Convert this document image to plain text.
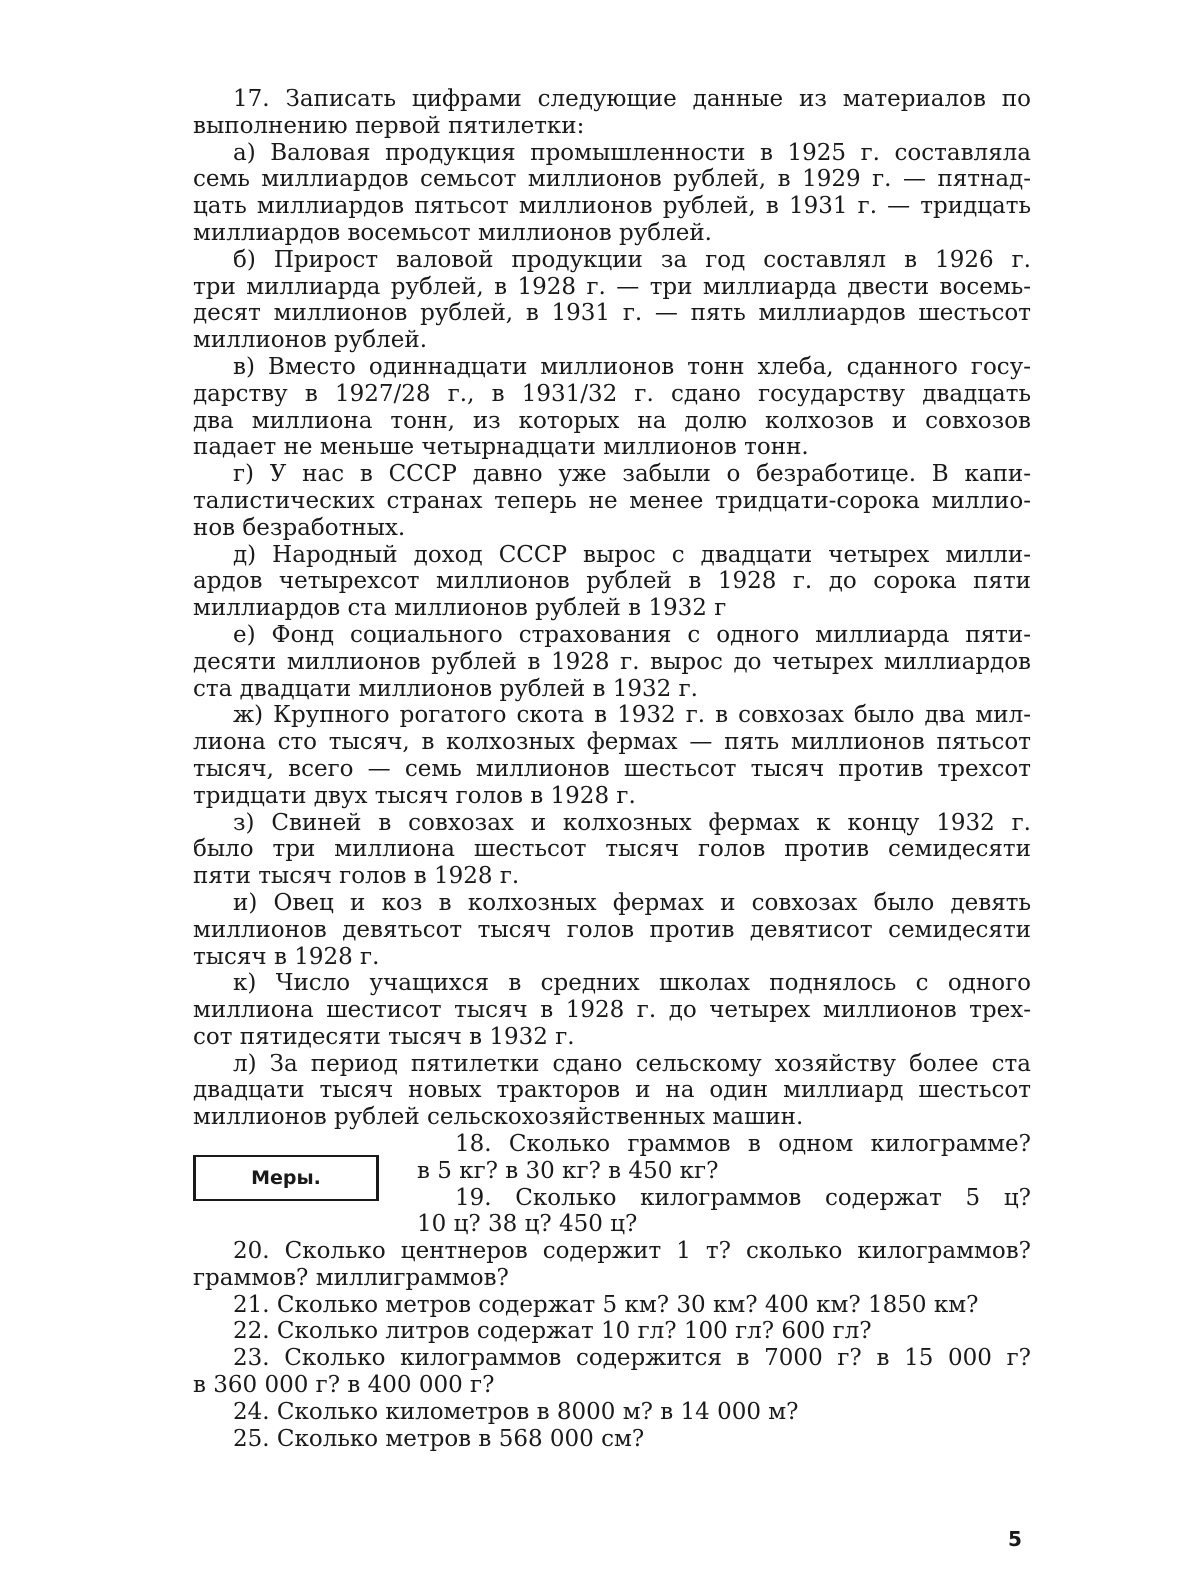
17. Записать цифрами следующие данные из материалов по
выполнению первой пятилетки:
а) Валовая продукция промышленности в 1925 г. составляла
семь миллиардов семьсот миллионов рублей, в 1929 г. — пятнад-
цать миллиардов пятьсот миллионов рублей, в 1931 г. — тридцать
миллиардов восемьсот миллионов рублей.
б) Прирост валовой продукции за год составлял в 1926 г.
три миллиарда рублей, в 1928 г. — три миллиарда двести восемь-
десят миллионов рублей, в 1931 г. — пять миллиардов шестьсот
миллионов рублей.
в) Вместо одиннадцати миллионов тонн хлеба, сданного госу-
дарству в 1927/28 г., в 1931/32 г. сдано государству двадцать
два миллиона тонн, из которых на долю колхозов и совхозов
падает не меньше четырнадцати миллионов тонн.
г) У нас в СССР давно уже забыли о безработице. В капи-
талистических странах теперь не менее тридцати-сорока миллио-
нов безработных.
д) Народный доход СССР вырос с двадцати четырех милли-
ардов четырехсот миллионов рублей в 1928 г. до сорока пяти
миллиардов ста миллионов рублей в 1932 г
е) Фонд социального страхования с одного миллиарда пяти-
десяти миллионов рублей в 1928 г. вырос до четырех миллиардов
ста двадцати миллионов рублей в 1932 г.
ж) Крупного рогатого скота в 1932 г. в совхозах было два мил-
лиона сто тысяч, в колхозных фермах — пять миллионов пятьсот
тысяч, всего — семь миллионов шестьсот тысяч против трехсот
тридцати двух тысяч голов в 1928 г.
з) Свиней в совхозах и колхозных фермах к концу 1932 г.
было три миллиона шестьсот тысяч голов против семидесяти
пяти тысяч голов в 1928 г.
и) Овец и коз в колхозных фермах и совхозах было девять
миллионов девятьсот тысяч голов против девятисот семидесяти
тысяч в 1928 г.
к) Число учащихся в средних школах поднялось с одного
миллиона шестисот тысяч в 1928 г. до четырех миллионов трех-
сот пятидесяти тысяч в 1932 г.
л) За период пятилетки сдано сельскому хозяйству более ста
двадцати тысяч новых тракторов и на один миллиард шестьсот
миллионов рублей сельскохозяйственных машин.
Меры.
18. Сколько граммов в одном килограмме?
в 5 кг? в 30 кг? в 450 кг?
19. Сколько килограммов содержат 5 ц?
10 ц? 38 ц? 450 ц?
20. Сколько центнеров содержит 1 т? сколько килограммов?
граммов? миллиграммов?
21. Сколько метров содержат 5 км? 30 км? 400 км? 1850 км?
22. Сколько литров содержат 10 гл? 100 гл? 600 гл?
23. Сколько килограммов содержится в 7000 г? в 15 000 г?
в 360 000 г? в 400 000 г?
24. Сколько километров в 8000 м? в 14 000 м?
25. Сколько метров в 568 000 см?
5
